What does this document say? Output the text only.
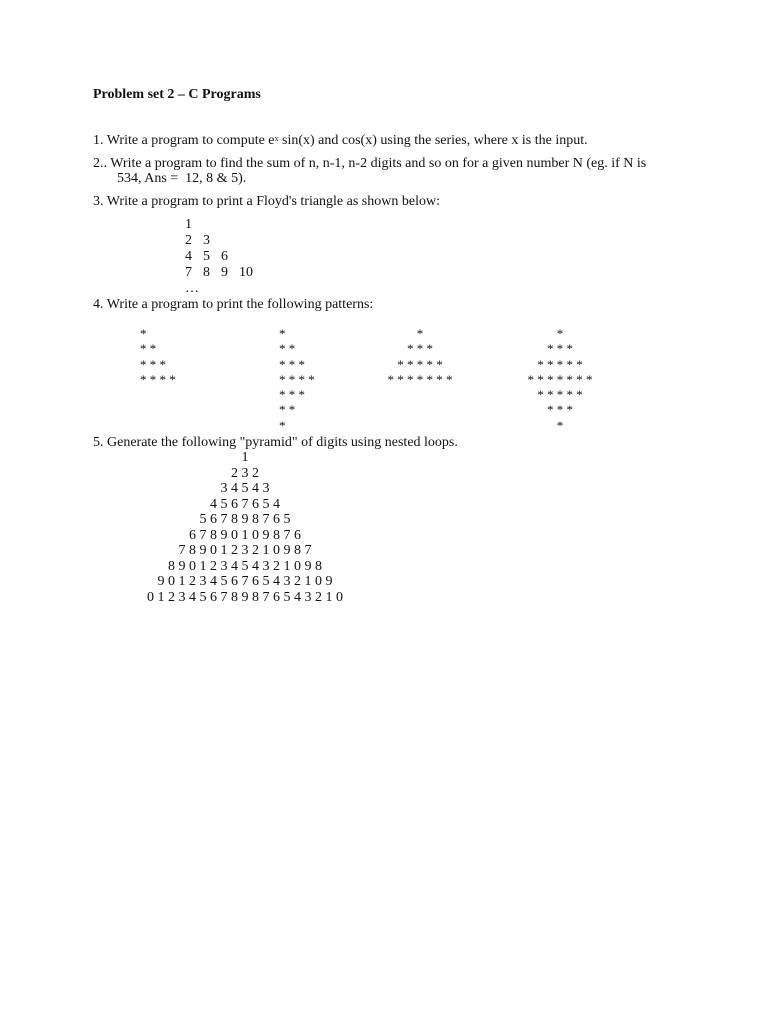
Problem set 2 – C Programs
1. Write a program to compute $e^x$ sin(x) and cos(x) using the series, where x is the input.
2.. Write a program to find the sum of n, n-1, n-2 digits and so on for a given number N (eg. if N is
534, Ans =  12, 8 & 5).
3. Write a program to print a Floyd's triangle as shown below:

1

2

3

4

5

6

7

8

9

10

…

4. Write a program to print the following patterns:
*
* *
* * *
* * * *
*
* *
* * *
* * * *
* * *
* *
*
*
* * *
* * * * *
* * * * * * *
*
* * *
* * * * *
* * * * * * *
* * * * *
* * *
*
5. Generate the following "pyramid" of digits using nested loops.
1
2 3 2
3 4 5 4 3
4 5 6 7 6 5 4
5 6 7 8 9 8 7 6 5
6 7 8 9 0 1 0 9 8 7 6
7 8 9 0 1 2 3 2 1 0 9 8 7
8 9 0 1 2 3 4 5 4 3 2 1 0 9 8
9 0 1 2 3 4 5 6 7 6 5 4 3 2 1 0 9
0 1 2 3 4 5 6 7 8 9 8 7 6 5 4 3 2 1 0
